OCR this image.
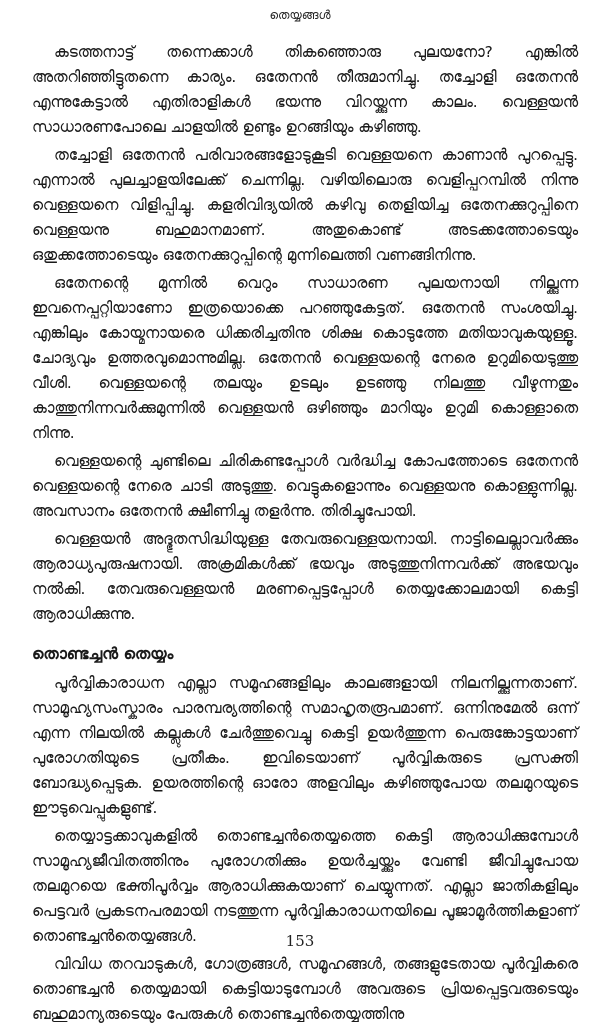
തെയ്യങ്ങൾ

കടത്തനാട്ട് തന്നെക്കാൾ തികഞ്ഞൊരു പുലയനോ? എങ്കിൽ അതറിഞ്ഞിട്ടുതന്നെ കാര്യം. ഒതേനൻ തീരുമാനിച്ചു. തച്ചോളി ഒതേനൻ എന്നുകേട്ടാൽ എതിരാളികൾ ഭയന്നു വിറയ്ക്കുന്ന കാലം. വെള്ളയൻ സാധാരണപോലെ ചാളയിൽ ഉണ്ടും ഉറങ്ങിയും കഴിഞ്ഞു.

തച്ചോളി ഒതേനൻ പരിവാരങ്ങളോടുകൂടി വെള്ളയനെ കാണാൻ പുറപ്പെട്ടു. എന്നാൽ പുലച്ചാളയിലേക്ക് ചെന്നില്ല. വഴിയിലൊരു വെളിപ്പറമ്പിൽ നിന്നു വെള്ളയനെ വിളിപ്പിച്ചു. കളരിവിദ്യയിൽ കഴിവു തെളിയിച്ച ഒതേനക്കുറുപ്പിനെ വെള്ളയനു ബഹുമാനമാണ്. അതുകൊണ്ട് അടക്കത്തോടെയും ഒതുക്കത്തോടെയും ഒതേനക്കുറുപ്പിന്റെ മുന്നിലെത്തി വണങ്ങിനിന്നു.

ഒതേനന്റെ മുന്നിൽ വെറും സാധാരണ പുലയനായി നില്ക്കുന്ന ഇവനെപ്പറ്റിയാണോ ഇത്രയൊക്കെ പറഞ്ഞുകേട്ടത്. ഒതേനൻ സംശയിച്ചു. എങ്കിലും കോയ്മനായരെ ധിക്കരിച്ചതിനു ശിക്ഷ കൊടുത്തേ മതിയാവുകയുള്ളൂ. ചോദ്യവും ഉത്തരവുമൊന്നുമില്ല. ഒതേനൻ വെള്ളയന്റെ നേരെ ഉറുമിയെടുത്തു വീശി. വെള്ളയന്റെ തലയും ഉടലും ഉടഞ്ഞു നിലത്തു വീഴുന്നതും കാത്തുനിന്നവർക്കുമുന്നിൽ വെള്ളയൻ ഒഴിഞ്ഞും മാറിയും ഉറുമി കൊള്ളാതെ നിന്നു.

വെള്ളയന്റെ ചുണ്ടിലെ ചിരികണ്ടപ്പോൾ വർദ്ധിച്ച കോപത്തോടെ ഒതേനൻ വെള്ളയന്റെ നേരെ ചാടി അടുത്തു. വെട്ടുകളൊന്നും വെള്ളയനു കൊള്ളുന്നില്ല. അവസാനം ഒതേനൻ ക്ഷീണിച്ചു തളർന്നു. തിരിച്ചുപോയി.

വെള്ളയൻ അദ്ഭുതസിദ്ധിയുള്ള തേവരുവെള്ളയനായി. നാട്ടിലെല്ലാവർക്കും ആരാധ്യപുരുഷനായി. അക്രമികൾക്ക് ഭയവും അടുത്തുനിന്നവർക്ക് അഭയവും നൽകി. തേവരുവെള്ളയൻ മരണപ്പെട്ടപ്പോൾ തെയ്യക്കോലമായി കെട്ടി ആരാധിക്കുന്നു.

തൊണ്ടച്ചൻ തെയ്യം

പൂർവ്വികാരാധന എല്ലാ സമൂഹങ്ങളിലും കാലങ്ങളായി നിലനില്ക്കുന്നതാണ്. സാമൂഹ്യസംസ്കാരം പാരമ്പര്യത്തിന്റെ സമാഹൃതരൂപമാണ്. ഒന്നിനുമേൽ ഒന്ന് എന്ന നിലയിൽ കല്ലുകൾ ചേർത്തുവെച്ചു കെട്ടി ഉയർത്തുന്ന പെരുങ്കോട്ടയാണ് പുരോഗതിയുടെ പ്രതീകം. ഇവിടെയാണ് പൂർവ്വികരുടെ പ്രസക്തി ബോദ്ധ്യപ്പെടുക. ഉയരത്തിന്റെ ഓരോ അളവിലും കഴിഞ്ഞുപോയ തലമുറയുടെ ഈടുവെപ്പുകളുണ്ട്.

തെയ്യാട്ടക്കാവുകളിൽ തൊണ്ടച്ചൻതെയ്യത്തെ കെട്ടി ആരാധിക്കുമ്പോൾ സാമൂഹ്യജീവിതത്തിനും പുരോഗതിക്കും ഉയർച്ചയ്ക്കും വേണ്ടി ജീവിച്ചുപോയ തലമുറയെ ഭക്തിപൂർവ്വം ആരാധിക്കുകയാണ് ചെയ്യുന്നത്. എല്ലാ ജാതികളിലും പെട്ടവർ പ്രകടനപരമായി നടത്തുന്ന പൂർവ്വികാരാധനയിലെ പൂജാമൂർത്തികളാണ് തൊണ്ടച്ചൻതെയ്യങ്ങൾ.

വിവിധ തറവാടുകൾ, ഗോത്രങ്ങൾ, സമൂഹങ്ങൾ, തങ്ങളുടേതായ പൂർവ്വികരെ തൊണ്ടച്ചൻ തെയ്യമായി കെട്ടിയാടുമ്പോൾ അവരുടെ പ്രിയപ്പെട്ടവരുടെയും ബഹുമാന്യരുടെയും പേരുകൾ തൊണ്ടച്ചൻതെയ്യത്തിനു

153
